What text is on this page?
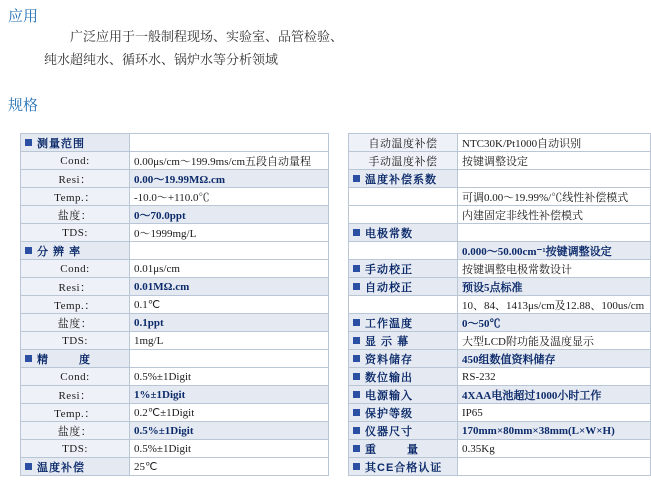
应用
广泛应用于一般制程现场、实验室、品管检验、
纯水超纯水、循环水、锅炉水等分析领域
规格
测量范围	
Cond:	0.00μs/cm～199.9ms/cm五段自动量程
Resi：	0.00～19.99MΩ.cm
Temp.：	-10.0～+110.0℃
盐度：	0～70.0ppt
TDS:	0～1999mg/L
分 辨 率	
Cond:	0.01μs/cm
Resi：	0.01MΩ.cm
Temp.：	0.1℃
盐度：	0.1ppt
TDS:	1mg/L
精　　度	
Cond:	0.5%±1Digit
Resi：	1%±1Digit
Temp.：	0.2℃±1Digit
盐度：	0.5%±1Digit
TDS:	0.5%±1Digit
温度补偿	25℃
自动温度补偿	NTC30K/Pt1000自动识别
手动温度补偿	按键调整设定
温度补偿系数	
	可调0.00～19.99%/℃线性补偿模式
	内建固定非线性补偿模式
电极常数	
	0.000～50.00cm⁻¹按键调整设定
手动校正	按键调整电极常数设计
自动校正	预设5点标准
	10、84、1413μs/cm及12.88、100us/cm
工作温度	0～50℃
显 示 幕	大型LCD附功能及温度显示
资料储存	450组数值资料储存
数位输出	RS-232
电源输入	4XAA电池超过1000小时工作
保护等级	IP65
仪器尺寸	170mm×80mm×38mm(L×W×H)
重　　量	0.35Kg
其CE合格认证	
